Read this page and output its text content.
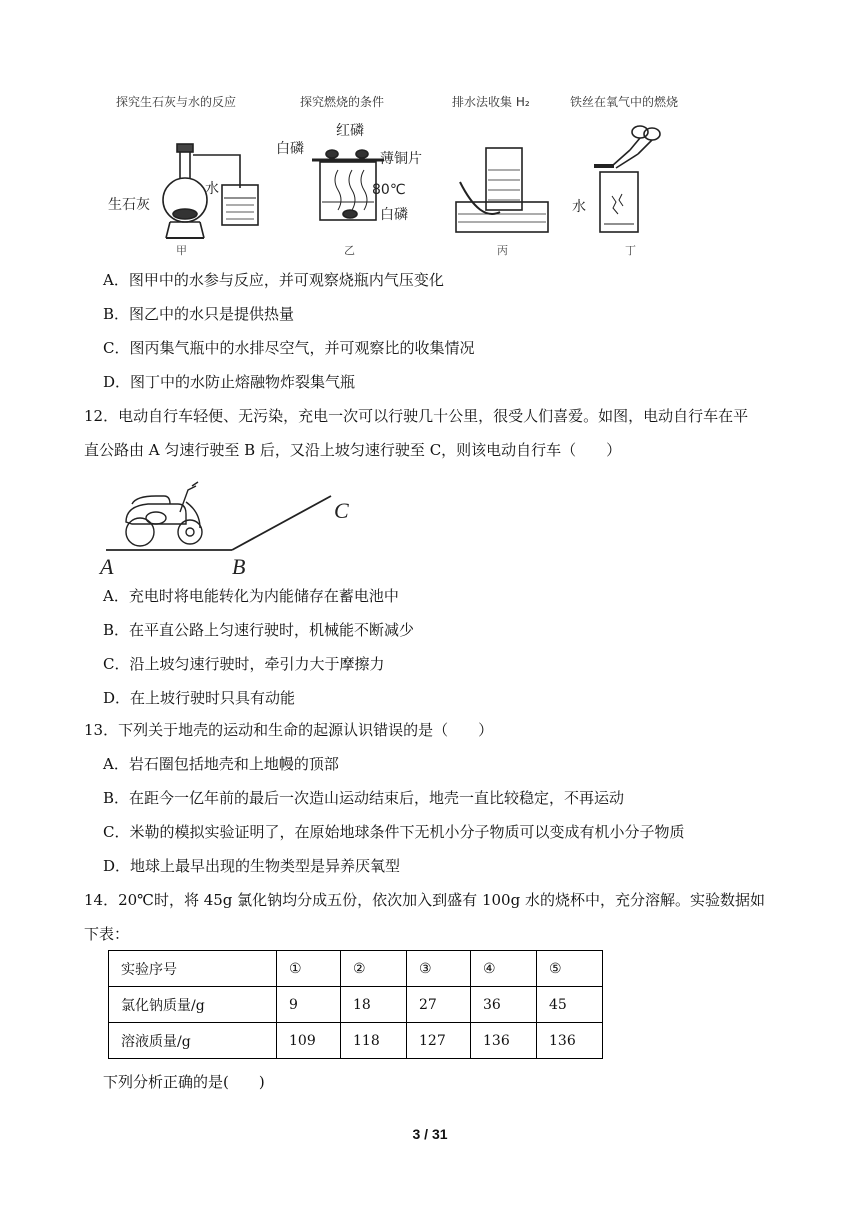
探究生石灰与水的反应	探究燃烧的条件	排水法收集 H₂	铁丝在氧气中的燃烧
生石灰
水
白磷
红磷
薄铜片
80℃
白磷	水
甲	乙	丙	丁
A．图甲中的水参与反应，并可观察烧瓶内气压变化
B．图乙中的水只是提供热量
C．图丙集气瓶中的水排尽空气，并可观察比的收集情况
D．图丁中的水防止熔融物炸裂集气瓶
12．电动自行车轻便、无污染，充电一次可以行驶几十公里，很受人们喜爱。如图，电动自行车在平
直公路由 A 匀速行驶至 B 后，又沿上坡匀速行驶至 C，则该电动自行车（　　）
A	B
C
A．充电时将电能转化为内能储存在蓄电池中
B．在平直公路上匀速行驶时，机械能不断减少
C．沿上坡匀速行驶时，牵引力大于摩擦力
D．在上坡行驶时只具有动能
13．下列关于地壳的运动和生命的起源认识错误的是（　　）
A．岩石圈包括地壳和上地幔的顶部
B．在距今一亿年前的最后一次造山运动结束后，地壳一直比较稳定，不再运动
C．米勒的模拟实验证明了，在原始地球条件下无机小分子物质可以变成有机小分子物质
D．地球上最早出现的生物类型是异养厌氧型
14．20℃时，将 45g 氯化钠均分成五份，依次加入到盛有 100g 水的烧杯中，充分溶解。实验数据如
下表：
实验序号	①	②	③	④	⑤
氯化钠质量/g	9	18	27	36	45
溶液质量/g	109	118	127	136	136
下列分析正确的是(　　)
3 / 31
